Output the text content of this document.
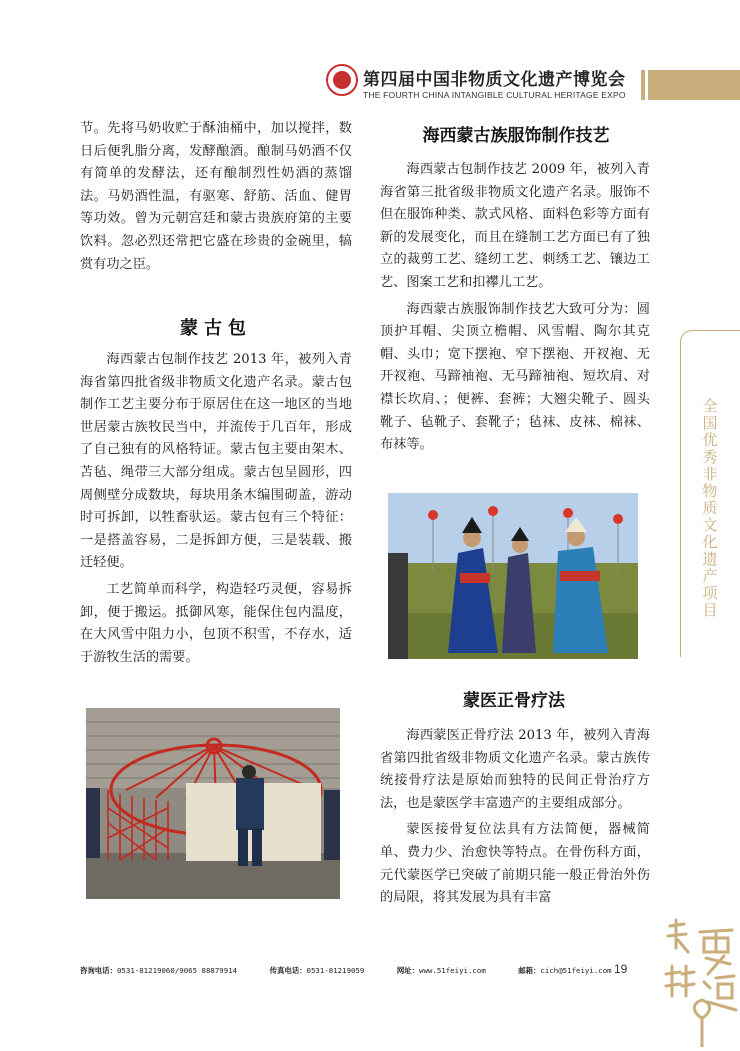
第四届中国非物质文化遗产博览会
THE FOURTH CHINA INTANGIBLE CULTURAL HERITAGE EXPO

节。先将马奶收贮于酥油桶中，加以搅拌，数日后便乳脂分离，发酵酿酒。酿制马奶酒不仅有简单的发酵法，还有酿制烈性奶酒的蒸馏法。马奶酒性温，有驱寒、舒筋、活血、健胃等功效。曾为元朝宫廷和蒙古贵族府第的主要饮料。忽必烈还常把它盛在珍贵的金碗里，犒赏有功之臣。

蒙古包

海西蒙古包制作技艺 2013 年，被列入青海省第四批省级非物质文化遗产名录。蒙古包制作工艺主要分布于原居住在这一地区的当地世居蒙古族牧民当中，并流传于几百年，形成了自己独有的风格特证。蒙古包主要由架木、苫毡、绳带三大部分组成。蒙古包呈圆形，四周侧壁分成数块，每块用条木编围砌盖，游动时可拆卸，以牲畜驮运。蒙古包有三个特征：一是搭盖容易，二是拆卸方便，三是装载、搬迁轻便。

工艺简单而科学，构造轻巧灵便，容易拆卸，便于搬运。抵御风寒，能保住包内温度，在大风雪中阻力小，包顶不积雪，不存水，适于游牧生活的需要。

海西蒙古族服饰制作技艺

海西蒙古包制作技艺 2009 年，被列入青海省第三批省级非物质文化遗产名录。服饰不但在服饰种类、款式风格、面料色彩等方面有新的发展变化，而且在缝制工艺方面已有了独立的裁剪工艺、缝纫工艺、刺绣工艺、镶边工艺、图案工艺和扣襻儿工艺。

海西蒙古族服饰制作技艺大致可分为：圆顶护耳帽、尖顶立檐帽、风雪帽、陶尔其克帽、头巾；宽下摆袍、窄下摆袍、开衩袍、无开衩袍、马蹄袖袍、无马蹄袖袍、短坎肩、对襟长坎肩、；便裤、套裤；大翘尖靴子、圆头靴子、毡靴子、套靴子；毡袜、皮袜、棉袜、布袜等。

蒙医正骨疗法

海西蒙医正骨疗法 2013 年，被列入青海省第四批省级非物质文化遗产名录。蒙古族传统接骨疗法是原始而独特的民间正骨治疗方法，也是蒙医学丰富遗产的主要组成部分。

蒙医接骨复位法具有方法简便，器械简单、费力少、治愈快等特点。在骨伤科方面，元代蒙医学已突破了前期只能一般正骨治外伤的局限，将其发展为具有丰富

全国优秀非物质文化遗产项目
咨询电话：0531-81219060/9065 88879914	传真电话：0531-81219059	网址：www.51feiyi.com	邮箱：cich@51feiyi.com 19
